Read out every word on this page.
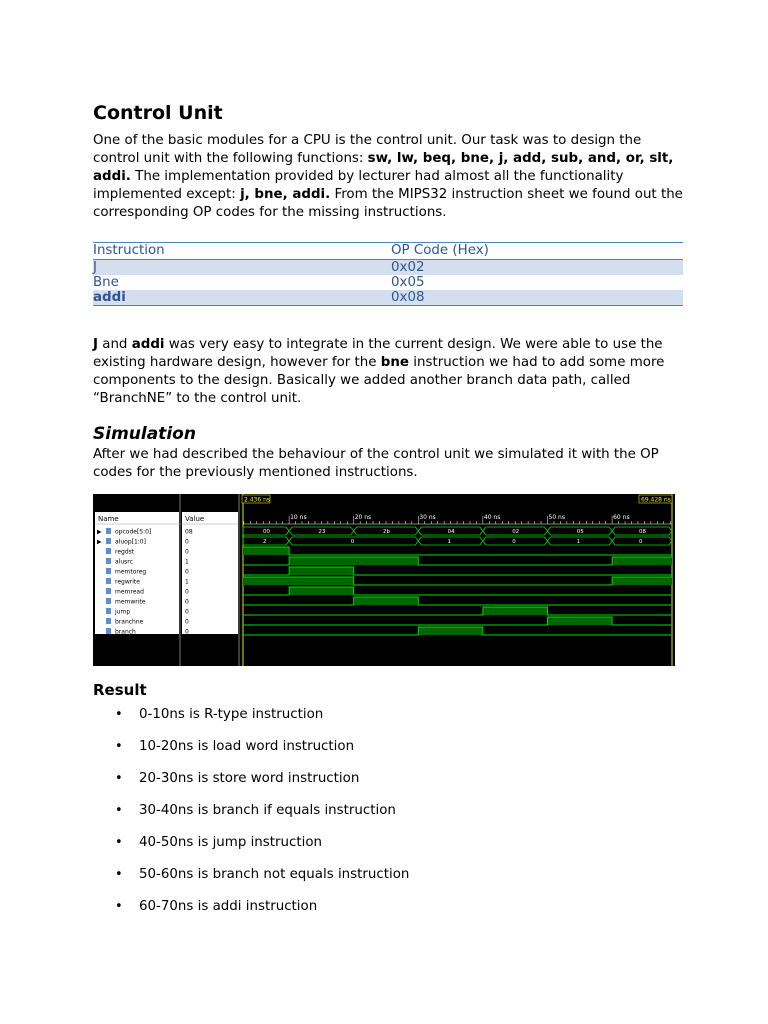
Control Unit

One of the basic modules for a CPU is the control unit. Our task was to design the control unit with the following functions: sw, lw, beq, bne, j, add, sub, and, or, slt, addi. The implementation provided by lecturer had almost all the functionality implemented except: j, bne, addi. From the MIPS32 instruction sheet we found out the corresponding OP codes for the missing instructions.

Instruction	OP Code (Hex)
J	0x02
Bne	0x05
addi	0x08

J and addi was very easy to integrate in the current design. We were able to use the existing hardware design, however for the bne instruction we had to add some more components to the design. Basically we added another branch data path, called “BranchNE” to the control unit.

Simulation

After we had described the behaviour of the control unit we simulated it with the OP codes for the previously mentioned instructions.

Name	Value
2.436 ns	69.428 ns
10 ns	20 ns	30 ns	40 ns	50 ns	60 ns
▶ opcode[5:0]	08	00	23	2b	04	02	05	08
▶ aluop[1:0]	0	2	0	1	0	1	0
regdst	0
alusrc	1
memtoreg	0
regwrite	1
memread	0
memwrite	0
jump	0
branchne	0
branch	0
Result
• 0-10ns is R-type instruction
• 10-20ns is load word instruction
• 20-30ns is store word instruction
• 30-40ns is branch if equals instruction
• 40-50ns is jump instruction
• 50-60ns is branch not equals instruction
• 60-70ns is addi instruction
